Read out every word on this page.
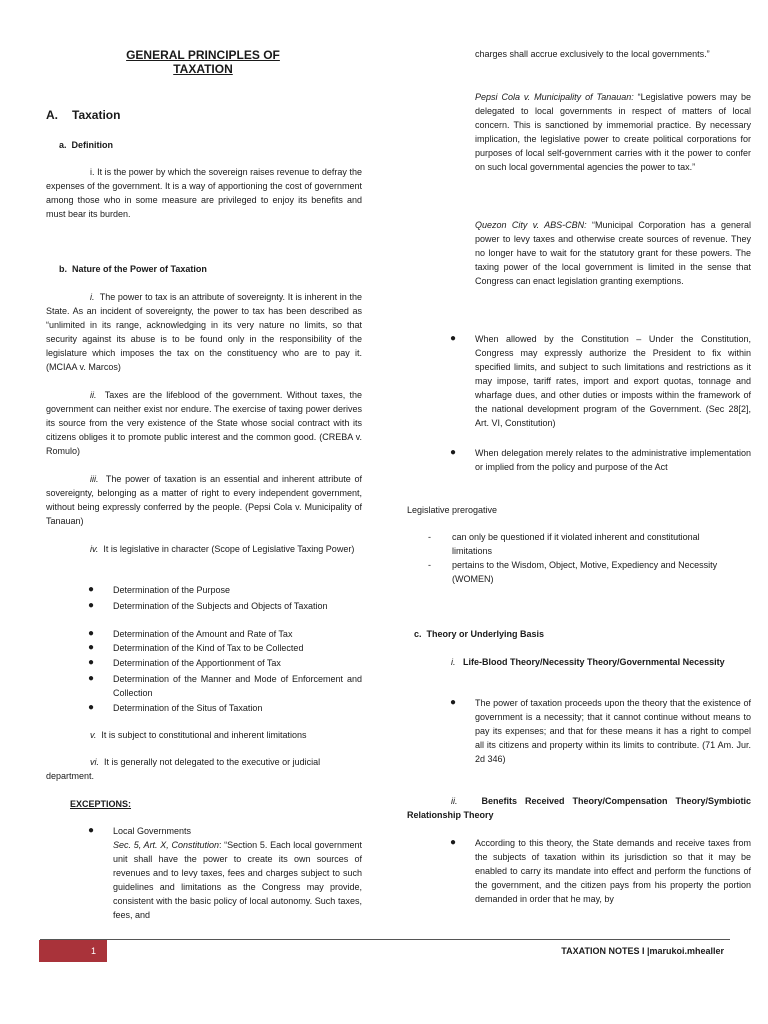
GENERAL PRINCIPLES OF TAXATION
A. Taxation
a. Definition

i. It is the power by which the sovereign raises revenue to defray the expenses of the government. It is a way of apportioning the cost of government among those who in some measure are privileged to enjoy its benefits and must bear its burden.

b. Nature of the Power of Taxation

i. The power to tax is an attribute of sovereignty. It is inherent in the State. As an incident of sovereignty, the power to tax has been described as “unlimited in its range, acknowledging in its very nature no limits, so that security against its abuse is to be found only in the responsibility of the legislature which imposes the tax on the constituency who are to pay it. (MCIAA v. Marcos)

ii. Taxes are the lifeblood of the government. Without taxes, the government can neither exist nor endure. The exercise of taxing power derives its source from the very existence of the State whose social contract with its citizens obliges it to promote public interest and the common good. (CREBA v. Romulo)

iii. The power of taxation is an essential and inherent attribute of sovereignty, belonging as a matter of right to every independent government, without being expressly conferred by the people. (Pepsi Cola v. Municipality of Tanauan)

iv. It is legislative in character (Scope of Legislative Taxing Power)

● Determination of the Purpose
● Determination of the Subjects and Objects of Taxation
● Determination of the Amount and Rate of Tax
● Determination of the Kind of Tax to be Collected
● Determination of the Apportionment of Tax
● Determination of the Manner and Mode of Enforcement and Collection
● Determination of the Situs of Taxation

v. It is subject to constitutional and inherent limitations

vi. It is generally not delegated to the executive or judicial department.

EXCEPTIONS:
● Local Governments

Sec. 5, Art. X, Constitution: “Section 5. Each local government unit shall have the power to create its own sources of revenues and to levy taxes, fees and charges subject to such guidelines and limitations as the Congress may provide, consistent with the basic policy of local autonomy. Such taxes, fees, and

charges shall accrue exclusively to the local governments.”

Pepsi Cola v. Municipality of Tanauan: “Legislative powers may be delegated to local governments in respect of matters of local concern. This is sanctioned by immemorial practice. By necessary implication, the legislative power to create political corporations for purposes of local self-government carries with it the power to confer on such local governmental agencies the power to tax.”

Quezon City v. ABS-CBN: “Municipal Corporation has a general power to levy taxes and otherwise create sources of revenue. They no longer have to wait for the statutory grant for these powers. The taxing power of the local government is limited in the sense that Congress can enact legislation granting exemptions.

● When allowed by the Constitution – Under the Constitution, Congress may expressly authorize the President to fix within specified limits, and subject to such limitations and restrictions as it may impose, tariff rates, import and export quotas, tonnage and wharfage dues, and other duties or imposts within the framework of the national development program of the Government. (Sec 28[2], Art. VI, Constitution)
● When delegation merely relates to the administrative implementation or implied from the policy and purpose of the Act
Legislative prerogative
- can only be questioned if it violated inherent and constitutional limitations
- pertains to the Wisdom, Object, Motive, Expediency and Necessity (WOMEN)
c. Theory or Underlying Basis

i. Life-Blood Theory/Necessity Theory/Governmental Necessity

● The power of taxation proceeds upon the theory that the existence of government is a necessity; that it cannot continue without means to pay its expenses; and that for these means it has a right to compel all its citizens and property within its limits to contribute. (71 Am. Jur. 2d 346)

ii.	Benefits Received Theory/Compensation Theory/Symbiotic Relationship Theory

● According to this theory, the State demands and receive taxes from the subjects of taxation within its jurisdiction so that it may be enabled to carry its mandate into effect and perform the functions of the government, and the citizen pays from his property the portion demanded in order that he may, by
1	TAXATION NOTES I |marukoi.mhealler
